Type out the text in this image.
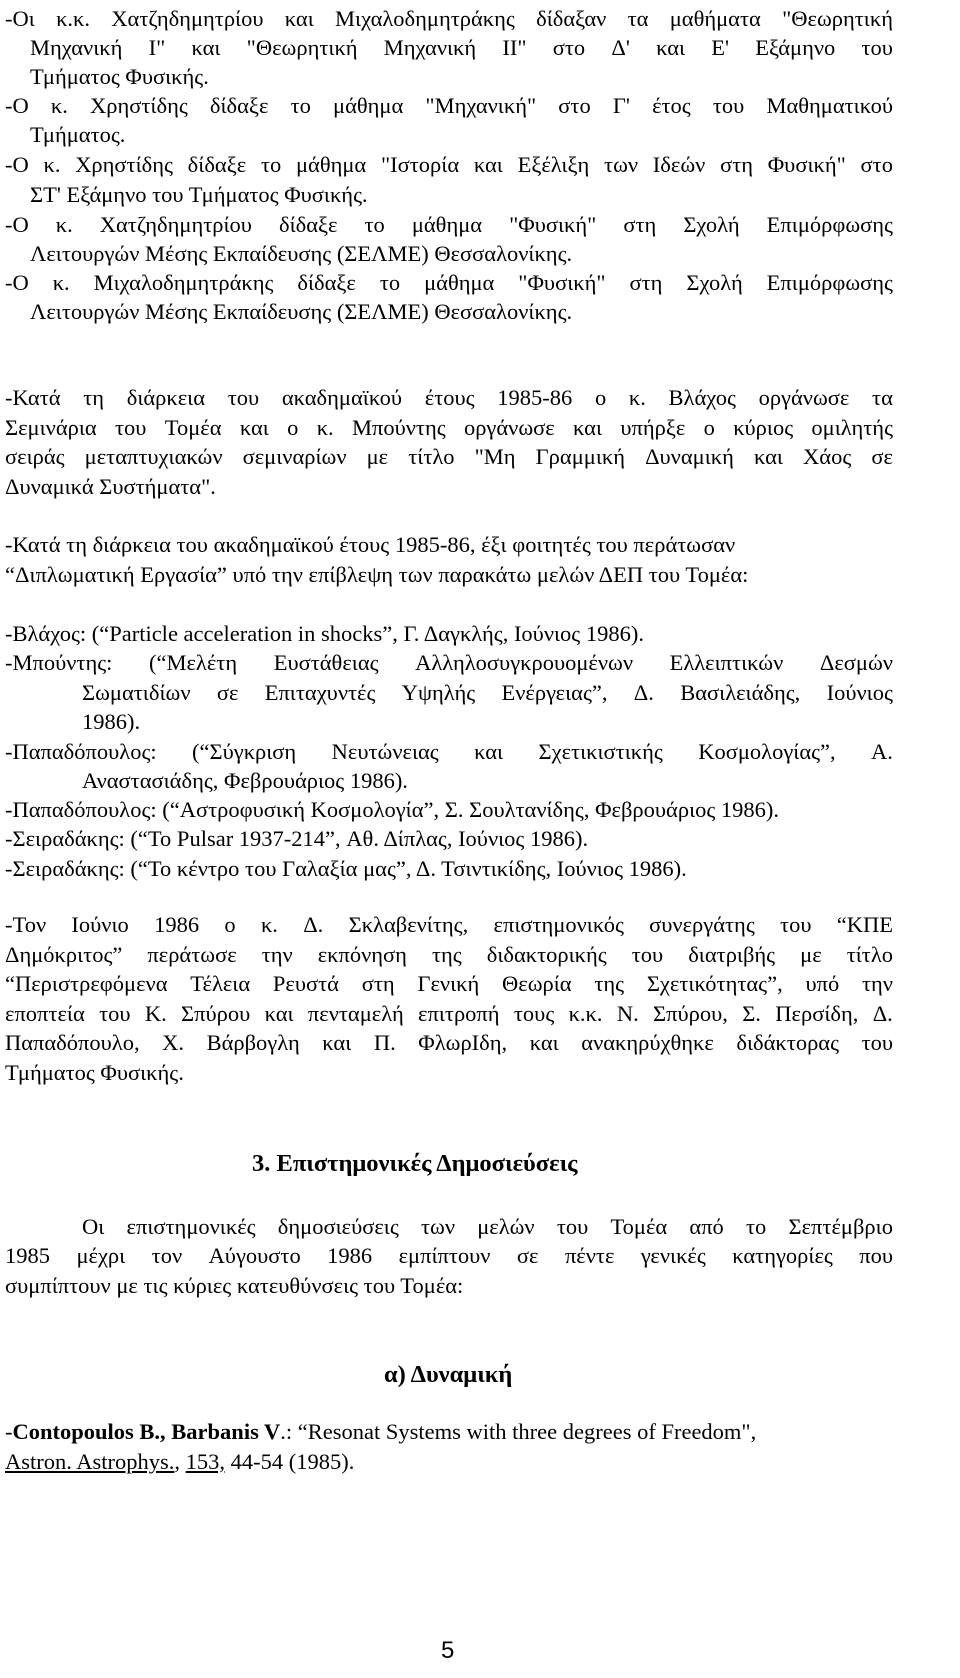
-Οι κ.κ. Χατζηδημητρίου και Μιχαλοδημητράκης δίδαξαν τα μαθήματα "Θεωρητική
Μηχανική Ι" και "Θεωρητική Μηχανική ΙΙ" στο Δ' και Ε' Εξάμηνο του
Τμήματος Φυσικής.
-Ο κ. Χρηστίδης δίδαξε το μάθημα "Μηχανική" στο Γ' έτος του Μαθηματικού
Τμήματος.
-Ο κ. Χρηστίδης δίδαξε το μάθημα "Ιστορία και Εξέλιξη των Ιδεών στη Φυσική" στο
ΣΤ' Εξάμηνο του Τμήματος Φυσικής.
-Ο κ. Χατζηδημητρίου δίδαξε το μάθημα "Φυσική" στη Σχολή Επιμόρφωσης
Λειτουργών Μέσης Εκπαίδευσης (ΣΕΛΜΕ) Θεσσαλονίκης.
-Ο κ. Μιχαλοδημητράκης δίδαξε το μάθημα "Φυσική" στη Σχολή Επιμόρφωσης
Λειτουργών Μέσης Εκπαίδευσης (ΣΕΛΜΕ) Θεσσαλονίκης.
-Κατά τη διάρκεια του ακαδημαϊκού έτους 1985-86 ο κ. Βλάχος οργάνωσε τα
Σεμινάρια του Τομέα και ο κ. Μπούντης οργάνωσε και υπήρξε ο κύριος ομιλητής
σειράς μεταπτυχιακών σεμιναρίων με τίτλο "Μη Γραμμική Δυναμική και Χάος σε
Δυναμικά Συστήματα".
-Κατά τη διάρκεια του ακαδημαϊκού έτους 1985-86, έξι φοιτητές του περάτωσαν
“Διπλωματική Εργασία” υπό την επίβλεψη των παρακάτω μελών ΔΕΠ του Τομέα:
-Βλάχος: (“Particle acceleration in shocks”, Γ. Δαγκλής, Ιούνιος 1986).
-Μπούντης: (“Μελέτη Ευστάθειας Αλληλοσυγκρουομένων Ελλειπτικών Δεσμών
Σωματιδίων σε Επιταχυντές Υψηλής Ενέργειας”, Δ. Βασιλειάδης, Ιούνιος
1986).
-Παπαδόπουλος: (“Σύγκριση Νευτώνειας και Σχετικιστικής Κοσμολογίας”, Α.
Αναστασιάδης, Φεβρουάριος 1986).
-Παπαδόπουλος: (“Αστροφυσική Κοσμολογία”, Σ. Σουλτανίδης, Φεβρουάριος 1986).
-Σειραδάκης: (“Το Pulsar 1937-214”, Αθ. Δίπλας, Ιούνιος 1986).
-Σειραδάκης: (“Το κέντρο του Γαλαξία μας”, Δ. Τσιντικίδης, Ιούνιος 1986).
-Τον Ιούνιο 1986 ο κ. Δ. Σκλαβενίτης, επιστημονικός συνεργάτης του “ΚΠΕ
Δημόκριτος” περάτωσε την εκπόνηση της διδακτορικής του διατριβής με τίτλο
“Περιστρεφόμενα Τέλεια Ρευστά στη Γενική Θεωρία της Σχετικότητας”, υπό την
εποπτεία του Κ. Σπύρου και πενταμελή επιτροπή τους κ.κ. Ν. Σπύρου, Σ. Περσίδη, Δ.
Παπαδόπουλο, Χ. Βάρβογλη και Π. ΦλωρΙδη, και ανακηρύχθηκε διδάκτορας του
Τμήματος Φυσικής.
3. Επιστημονικές Δημοσιεύσεις
Οι επιστημονικές δημοσιεύσεις των μελών του Τομέα από το Σεπτέμβριο
1985 μέχρι τον Αύγουστο 1986 εμπίπτουν σε πέντε γενικές κατηγορίες που
συμπίπτουν με τις κύριες κατευθύνσεις του Τομέα:
α) Δυναμική
-Contopoulos B., Barbanis V.: “Resonat Systems with three degrees of Freedom",
Astron. Astrophys., 153, 44-54 (1985).
5
